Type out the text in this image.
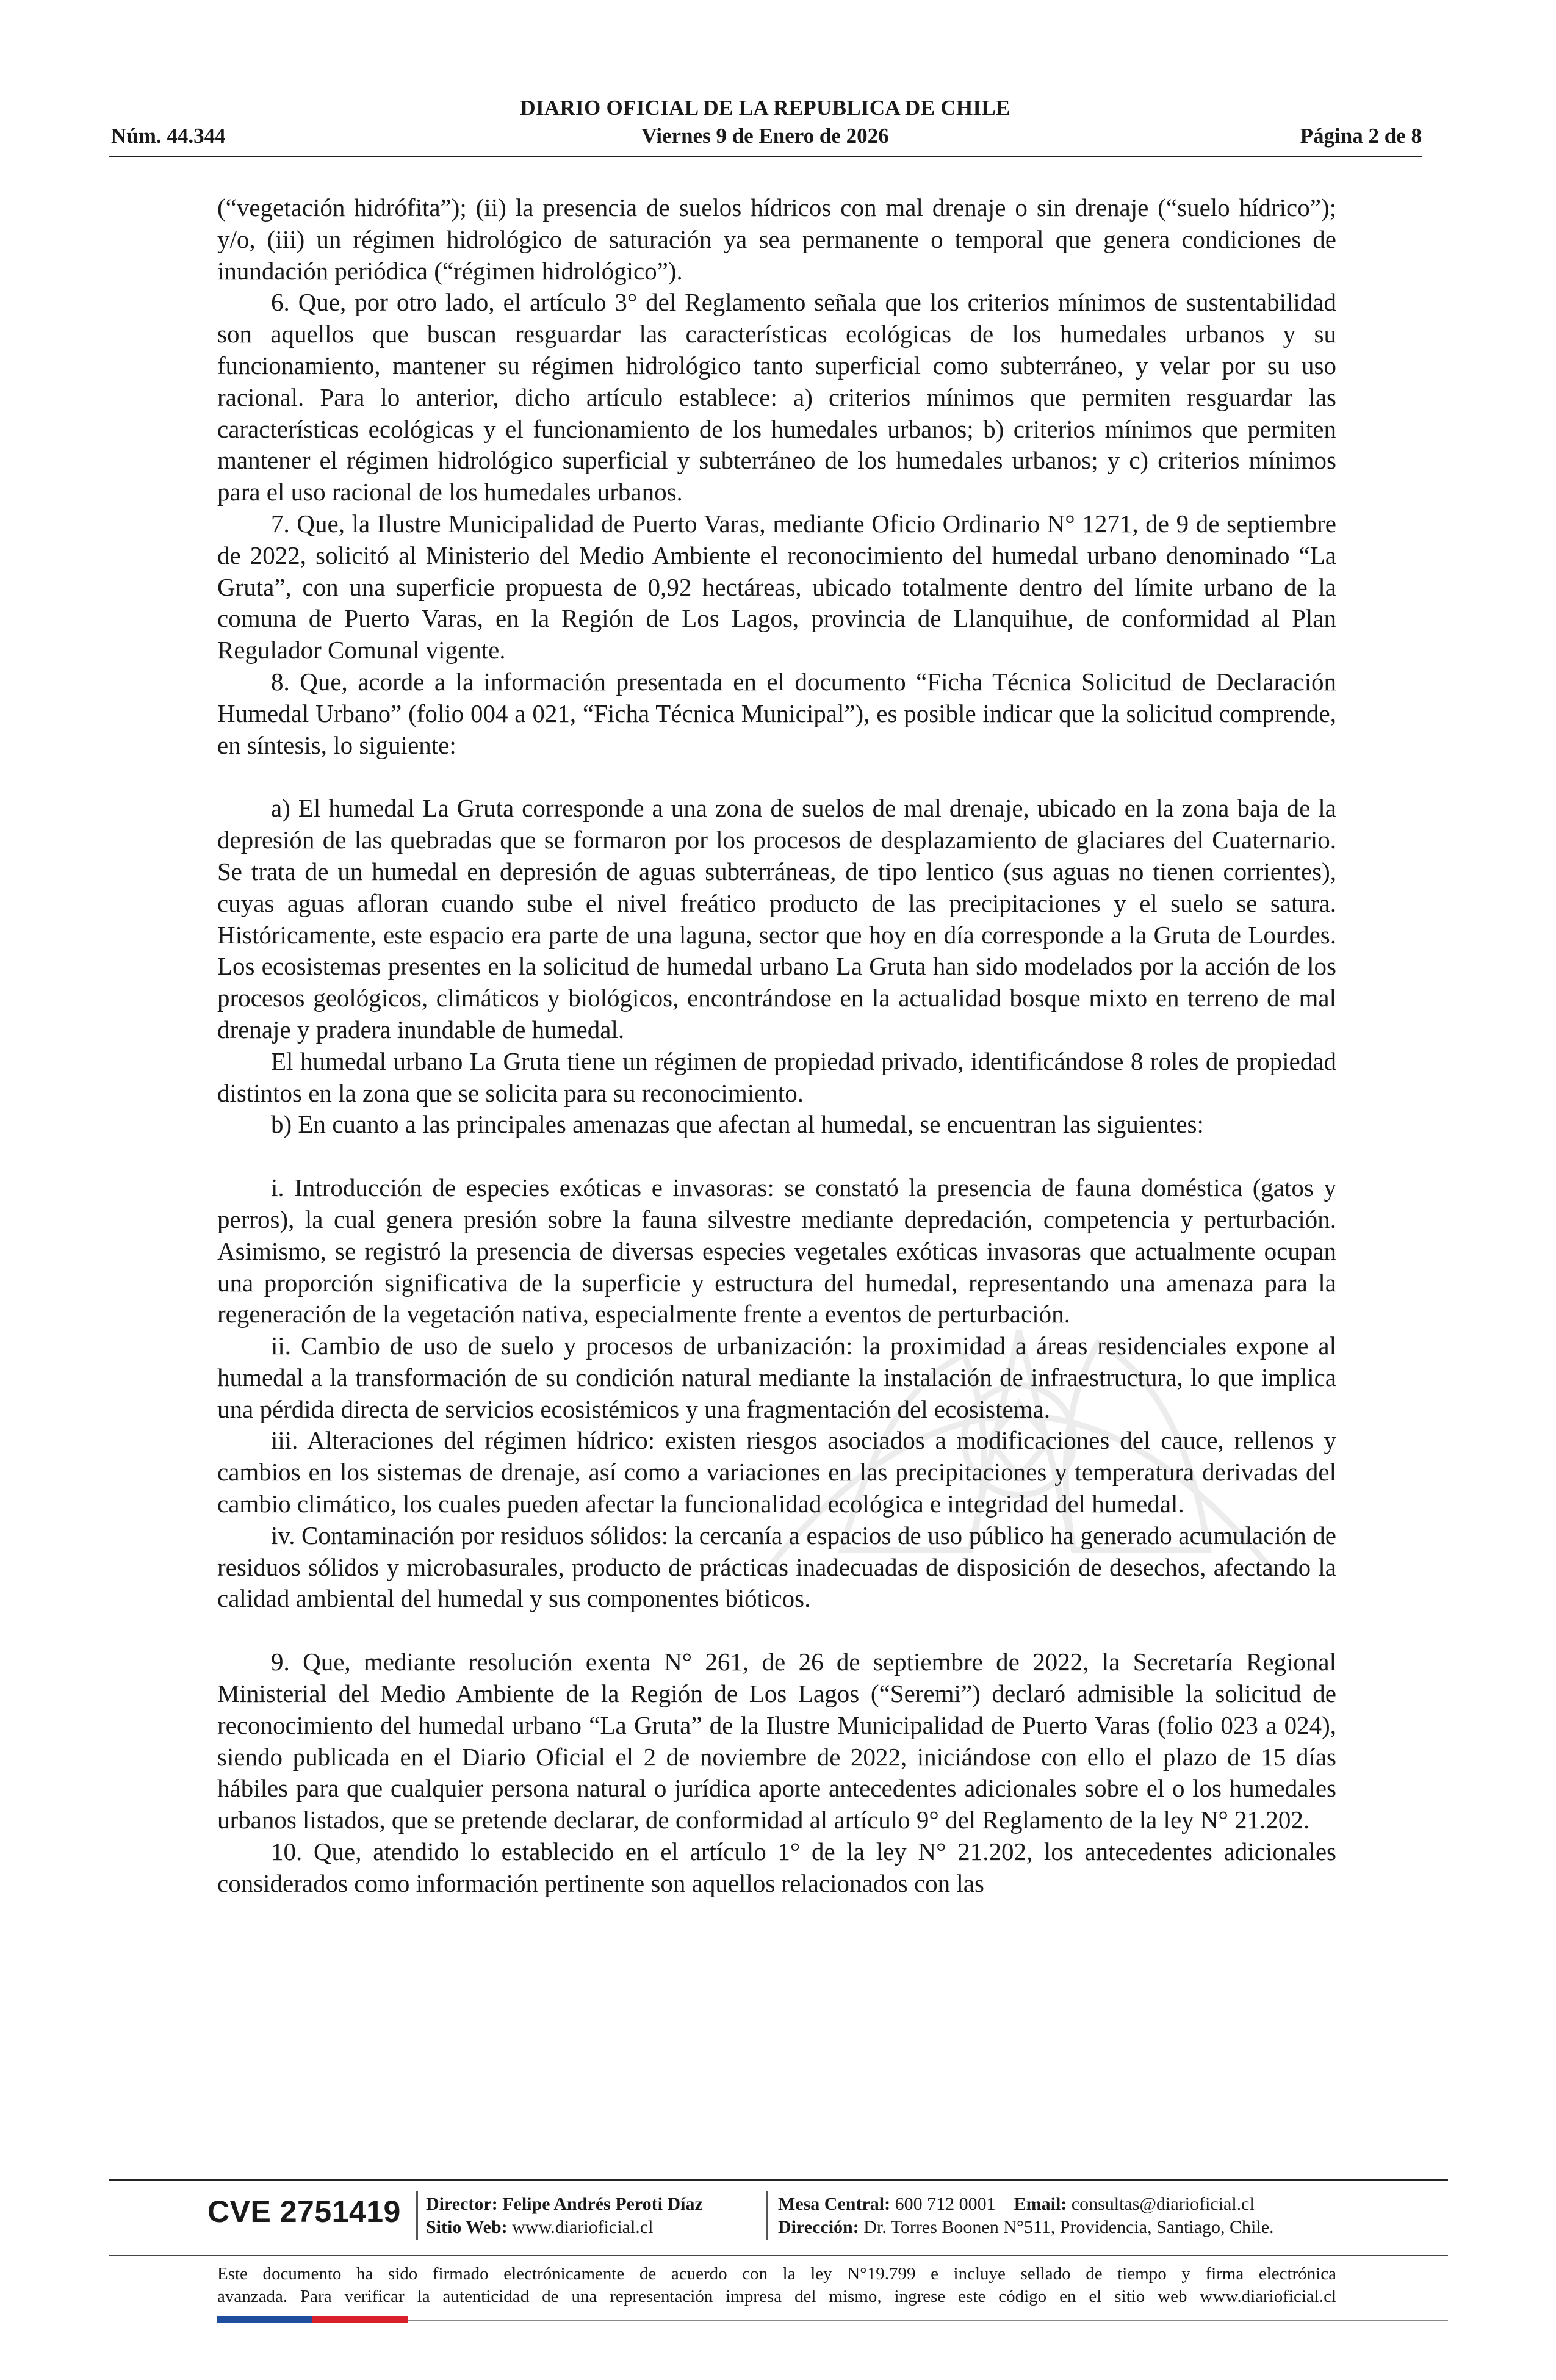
DIARIO OFICIAL DE LA REPUBLICA DE CHILE
Núm. 44.344	Viernes 9 de Enero de 2026	Página 2 de 8

(“vegetación hidrófita”); (ii) la presencia de suelos hídricos con mal drenaje o sin drenaje (“suelo hídrico”); y/o, (iii) un régimen hidrológico de saturación ya sea permanente o temporal que genera condiciones de inundación periódica (“régimen hidrológico”).

6. Que, por otro lado, el artículo 3° del Reglamento señala que los criterios mínimos de sustentabilidad son aquellos que buscan resguardar las características ecológicas de los humedales urbanos y su funcionamiento, mantener su régimen hidrológico tanto superficial como subterráneo, y velar por su uso racional. Para lo anterior, dicho artículo establece: a) criterios mínimos que permiten resguardar las características ecológicas y el funcionamiento de los humedales urbanos; b) criterios mínimos que permiten mantener el régimen hidrológico superficial y subterráneo de los humedales urbanos; y c) criterios mínimos para el uso racional de los humedales urbanos.

7. Que, la Ilustre Municipalidad de Puerto Varas, mediante Oficio Ordinario N° 1271, de 9 de septiembre de 2022, solicitó al Ministerio del Medio Ambiente el reconocimiento del humedal urbano denominado “La Gruta”, con una superficie propuesta de 0,92 hectáreas, ubicado totalmente dentro del límite urbano de la comuna de Puerto Varas, en la Región de Los Lagos, provincia de Llanquihue, de conformidad al Plan Regulador Comunal vigente.

8. Que, acorde a la información presentada en el documento “Ficha Técnica Solicitud de Declaración Humedal Urbano” (folio 004 a 021, “Ficha Técnica Municipal”), es posible indicar que la solicitud comprende, en síntesis, lo siguiente:

a) El humedal La Gruta corresponde a una zona de suelos de mal drenaje, ubicado en la zona baja de la depresión de las quebradas que se formaron por los procesos de desplazamiento de glaciares del Cuaternario. Se trata de un humedal en depresión de aguas subterráneas, de tipo lentico (sus aguas no tienen corrientes), cuyas aguas afloran cuando sube el nivel freático producto de las precipitaciones y el suelo se satura. Históricamente, este espacio era parte de una laguna, sector que hoy en día corresponde a la Gruta de Lourdes. Los ecosistemas presentes en la solicitud de humedal urbano La Gruta han sido modelados por la acción de los procesos geológicos, climáticos y biológicos, encontrándose en la actualidad bosque mixto en terreno de mal drenaje y pradera inundable de humedal.

El humedal urbano La Gruta tiene un régimen de propiedad privado, identificándose 8 roles de propiedad distintos en la zona que se solicita para su reconocimiento.

b) En cuanto a las principales amenazas que afectan al humedal, se encuentran las siguientes:

i. Introducción de especies exóticas e invasoras: se constató la presencia de fauna doméstica (gatos y perros), la cual genera presión sobre la fauna silvestre mediante depredación, competencia y perturbación. Asimismo, se registró la presencia de diversas especies vegetales exóticas invasoras que actualmente ocupan una proporción significativa de la superficie y estructura del humedal, representando una amenaza para la regeneración de la vegetación nativa, especialmente frente a eventos de perturbación.

ii. Cambio de uso de suelo y procesos de urbanización: la proximidad a áreas residenciales expone al humedal a la transformación de su condición natural mediante la instalación de infraestructura, lo que implica una pérdida directa de servicios ecosistémicos y una fragmentación del ecosistema.

iii. Alteraciones del régimen hídrico: existen riesgos asociados a modificaciones del cauce, rellenos y cambios en los sistemas de drenaje, así como a variaciones en las precipitaciones y temperatura derivadas del cambio climático, los cuales pueden afectar la funcionalidad ecológica e integridad del humedal.

iv. Contaminación por residuos sólidos: la cercanía a espacios de uso público ha generado acumulación de residuos sólidos y microbasurales, producto de prácticas inadecuadas de disposición de desechos, afectando la calidad ambiental del humedal y sus componentes bióticos.

9. Que, mediante resolución exenta N° 261, de 26 de septiembre de 2022, la Secretaría Regional Ministerial del Medio Ambiente de la Región de Los Lagos (“Seremi”) declaró admisible la solicitud de reconocimiento del humedal urbano “La Gruta” de la Ilustre Municipalidad de Puerto Varas (folio 023 a 024), siendo publicada en el Diario Oficial el 2 de noviembre de 2022, iniciándose con ello el plazo de 15 días hábiles para que cualquier persona natural o jurídica aporte antecedentes adicionales sobre el o los humedales urbanos listados, que se pretende declarar, de conformidad al artículo 9° del Reglamento de la ley N° 21.202.

10. Que, atendido lo establecido en el artículo 1° de la ley N° 21.202, los antecedentes adicionales considerados como información pertinente son aquellos relacionados con las

CVE 2751419 Director: Felipe Andrés Peroti Díaz
Sitio Web: www.diarioficial.cl
Mesa Central: 600 712 0001 Email: consultas@diarioficial.cl
Dirección: Dr. Torres Boonen N°511, Providencia, Santiago, Chile.
Este documento ha sido firmado electrónicamente de acuerdo con la ley N°19.799 e incluye sellado de tiempo y firma electrónica
avanzada. Para verificar la autenticidad de una representación impresa del mismo, ingrese este código en el sitio web www.diarioficial.cl
